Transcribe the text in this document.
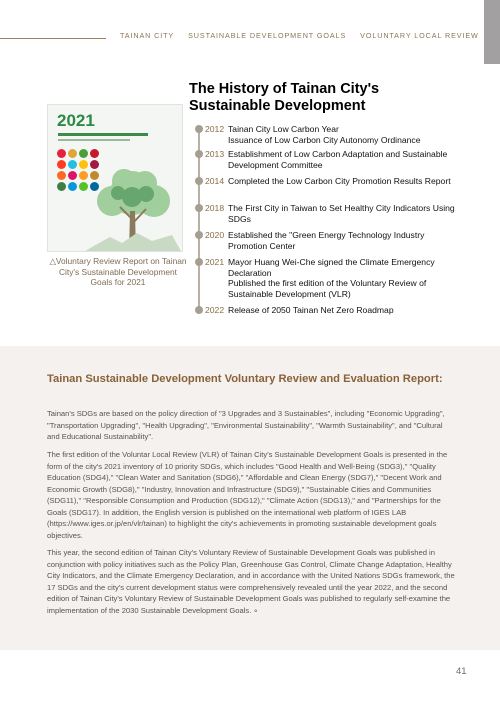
TAINAN CITY SUSTAINABLE DEVELOPMENT GOALS VOLUNTARY LOCAL REVIEW
2021

△Voluntary Review Report on Tainan City's Sustainable Development Goals for 2021

The History of Tainan City's Sustainable Development
2012 Tainan City Low Carbon Year
Issuance of Low Carbon City Autonomy Ordinance
2013 Establishment of Low Carbon Adaptation and Sustainable Development Committee
2014 Completed the Low Carbon City Promotion Results Report
2018 The First City in Taiwan to Set Healthy City Indicators Using SDGs
2020 Established the "Green Energy Technology Industry Promotion Center
2021 Mayor Huang Wei-Che signed the Climate Emergency Declaration
Published the first edition of the Voluntary Review of Sustainable Development (VLR)
2022 Release of 2050 Tainan Net Zero Roadmap
Tainan Sustainable Development Voluntary Review and Evaluation Report:

Tainan's SDGs are based on the policy direction of "3 Upgrades and 3 Sustainables", including "Economic Upgrading", "Transportation Upgrading", "Health Upgrading", "Environmental Sustainability", "Warmth Sustainability", and "Cultural and Educational Sustainability".

The first edition of the Voluntar Local Review (VLR) of Tainan City's Sustainable Development Goals is presented in the form of the city's 2021 inventory of 10 priority SDGs, which includes "Good Health and Well-Being (SDG3)," "Quality Education (SDG4)," "Clean Water and Sanitation (SDG6)," "Affordable and Clean Energy (SDG7)," "Decent Work and Economic Growth (SDG8)," "Industry, Innovation and Infrastructure (SDG9)," "Sustainable Cities and Communities (SDG11)," "Responsible Consumption and Production (SDG12)," "Climate Action (SDG13)," and "Partnerships for the Goals (SDG17). In addition, the English version is published on the international web platform of IGES LAB (https://www.iges.or.jp/en/vlr/tainan) to highlight the city's achievements in promoting sustainable development goals objectives.

This year, the second edition of Tainan City's Voluntary Review of Sustainable Development Goals was published in conjunction with policy initiatives such as the Policy Plan, Greenhouse Gas Control, Climate Change Adaptation, Healthy City Indicators, and the Climate Emergency Declaration, and in accordance with the United Nations SDGs framework, the 17 SDGs and the city's current development status were comprehensively revealed until the year 2022, and the second edition of Tainan City's Voluntary Review of Sustainable Development Goals was published to regularly self-examine the implementation of the 2030 Sustainable Development Goals. ∘

41
